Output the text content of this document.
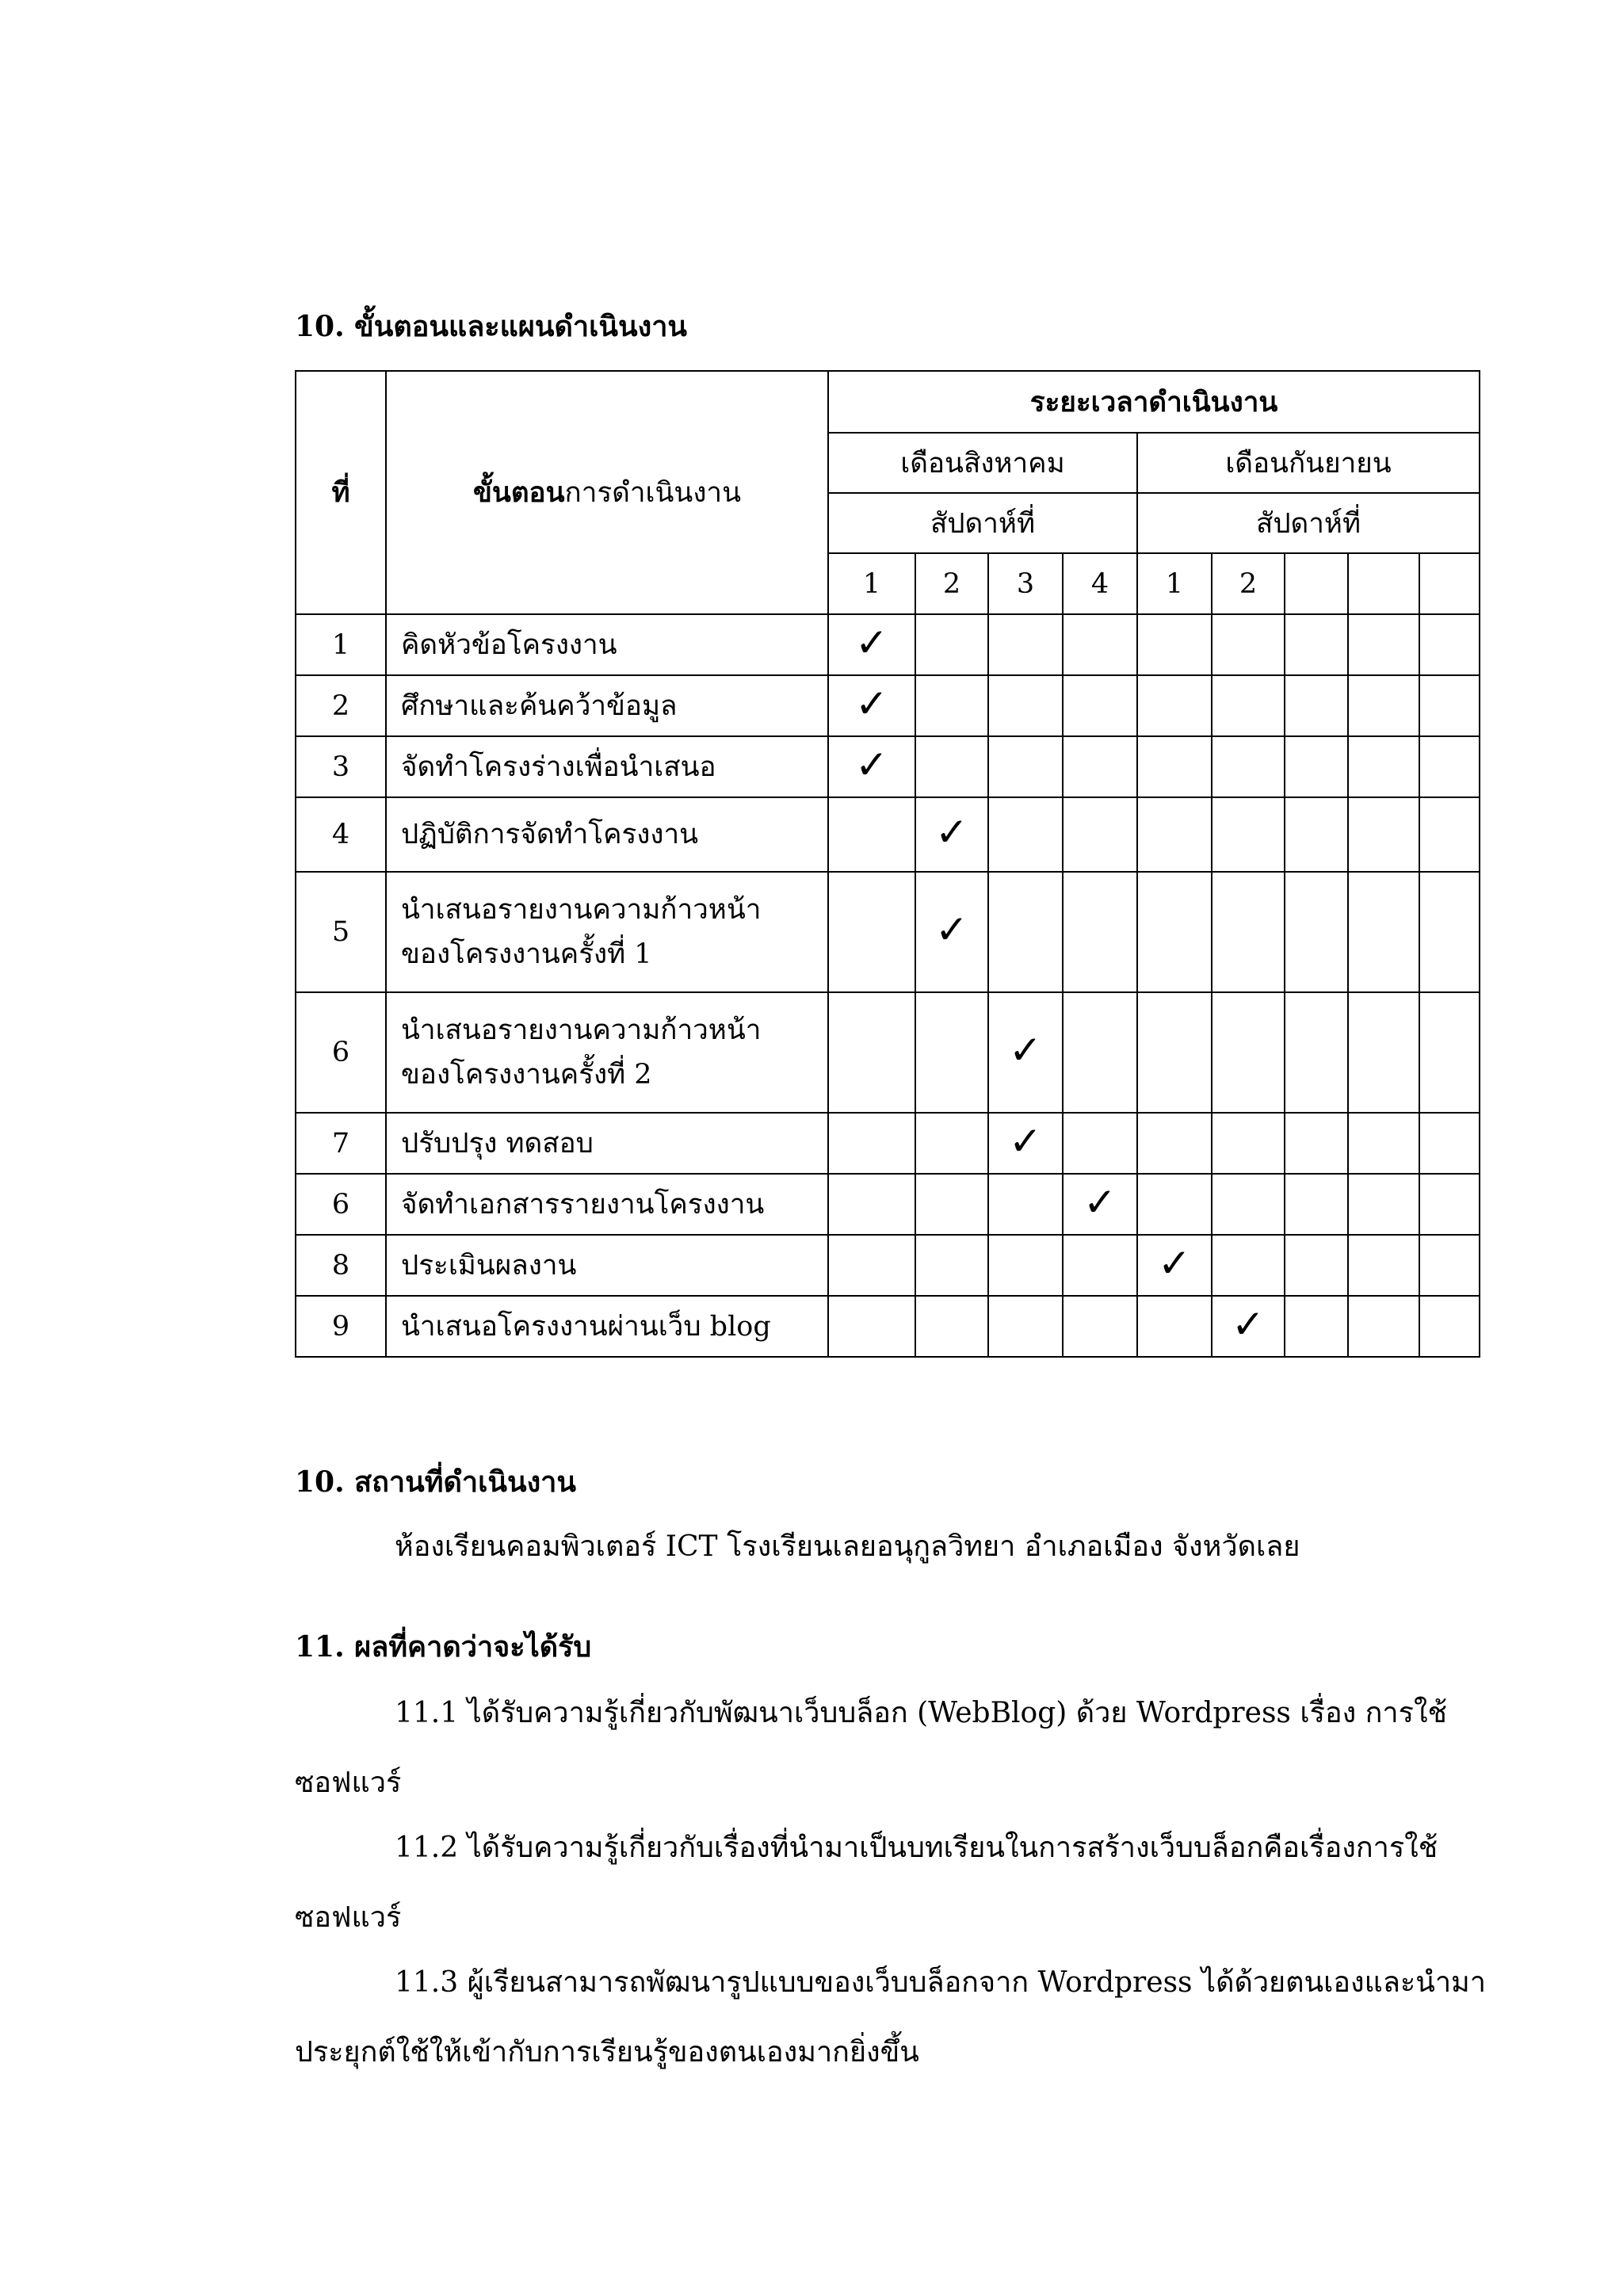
10. ขั้นตอนและแผนดำเนินงาน
ที่	ขั้นตอนการดำเนินงาน	ระยะเวลาดำเนินงาน								
		เดือนสิงหาคม				เดือนกันยายน				
		สัปดาห์ที่				สัปดาห์ที่				
		1	2	3	4	1	2			
1	คิดหัวข้อโครงงาน	✓								
2	ศึกษาและค้นคว้าข้อมูล	✓								
3	จัดทำโครงร่างเพื่อนำเสนอ	✓								
4	ปฏิบัติการจัดทำโครงงาน		✓							
5	นำเสนอรายงานความก้าวหน้า
ของโครงงานครั้งที่ 1		✓							
6	นำเสนอรายงานความก้าวหน้า
ของโครงงานครั้งที่ 2			✓						
7	ปรับปรุง ทดสอบ			✓						
6	จัดทำเอกสารรายงานโครงงาน				✓					
8	ประเมินผลงาน					✓				
9	นำเสนอโครงงานผ่านเว็บ blog						✓			
10. สถานที่ดำเนินงาน
ห้องเรียนคอมพิวเตอร์ ICT โรงเรียนเลยอนุกูลวิทยา อำเภอเมือง จังหวัดเลย
11. ผลที่คาดว่าจะได้รับ
11.1 ได้รับความรู้เกี่ยวกับพัฒนาเว็บบล็อก (WebBlog) ด้วย Wordpress เรื่อง การใช้
ซอฟแวร์
11.2 ได้รับความรู้เกี่ยวกับเรื่องที่นำมาเป็นบทเรียนในการสร้างเว็บบล็อกคือเรื่องการใช้
ซอฟแวร์
11.3 ผู้เรียนสามารถพัฒนารูปแบบของเว็บบล็อกจาก Wordpress ได้ด้วยตนเองและนำมา
ประยุกต์ใช้ให้เข้ากับการเรียนรู้ของตนเองมากยิ่งขึ้น
